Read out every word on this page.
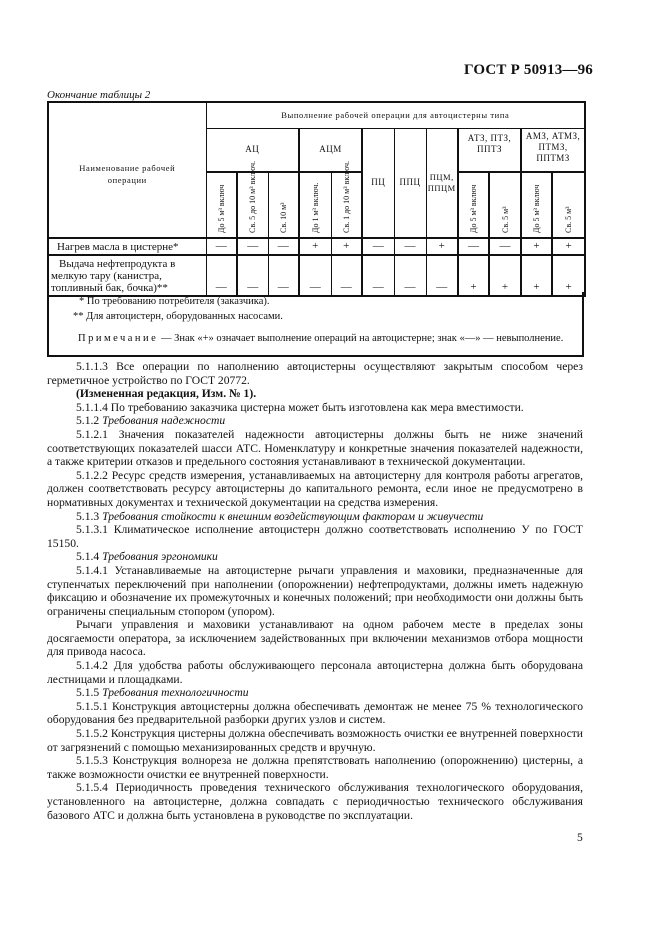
ГОСТ Р 50913—96
Окончание таблицы 2
Наименование рабочей операции	Выполнение рабочей операции для автоцистерны типа											
	АЦ			АЦМ		ПЦ	ППЦ	ПЦМ, ППЦМ	АТЗ, ПТЗ, ППТЗ		АМЗ, АТМЗ, ПТМЗ, ППТМЗ	
	До 5 м³ включ	Св. 5 до 10 м³ включ.	Св. 10 м³	До 1 м³ включ.	Св. 1 до 10 м³ включ.				До 5 м³ включ	Св. 5 м³	До 5 м³ включ	Св. 5 м³
Нагрев масла в цистерне*	—	—	—	+	+	—	—	+	—	—	+	+
Выдача нефтепродукта в мелкую тару (канистра, топливный бак, бочка)**	—	—	—	—	—	—	—	—	+	+	+	+
* По требованию потребителя (заказчика).
** Для автоцистерн, оборудованных насосами.
Примечание — Знак «+» означает выполнение операций на автоцистерне; знак «—» — невыполнение.

5.1.1.3 Все операции по наполнению автоцистерны осуществляют закрытым способом через герметичное устройство по ГОСТ 20772.

(Измененная редакция, Изм. № 1).

5.1.1.4 По требованию заказчика цистерна может быть изготовлена как мера вместимости.

5.1.2 Требования надежности

5.1.2.1 Значения показателей надежности автоцистерны должны быть не ниже значений соответствующих показателей шасси АТС. Номенклатуру и конкретные значения показателей надежности, а также критерии отказов и предельного состояния устанавливают в технической документации.

5.1.2.2 Ресурс средств измерения, устанавливаемых на автоцистерну для контроля работы агрегатов, должен соответствовать ресурсу автоцистерны до капитального ремонта, если иное не предусмотрено в нормативных документах и технической документации на средства измерения.

5.1.3 Требования стойкости к внешним воздействующим факторам и живучести

5.1.3.1 Климатическое исполнение автоцистерн должно соответствовать исполнению У по ГОСТ 15150.

5.1.4 Требования эргономики

5.1.4.1 Устанавливаемые на автоцистерне рычаги управления и маховики, предназначенные для ступенчатых переключений при наполнении (опорожнении) нефтепродуктами, должны иметь надежную фиксацию и обозначение их промежуточных и конечных положений; при необходимости они должны быть ограничены специальным стопором (упором).

Рычаги управления и маховики устанавливают на одном рабочем месте в пределах зоны досягаемости оператора, за исключением задействованных при включении механизмов отбора мощности для привода насоса.

5.1.4.2 Для удобства работы обслуживающего персонала автоцистерна должна быть оборудована лестницами и площадками.

5.1.5 Требования технологичности

5.1.5.1 Конструкция автоцистерны должна обеспечивать демонтаж не менее 75 % технологического оборудования без предварительной разборки других узлов и систем.

5.1.5.2 Конструкция цистерны должна обеспечивать возможность очистки ее внутренней поверхности от загрязнений с помощью механизированных средств и вручную.

5.1.5.3 Конструкция волнореза не должна препятствовать наполнению (опорожнению) цистерны, а также возможности очистки ее внутренней поверхности.

5.1.5.4 Периодичность проведения технического обслуживания технологического оборудования, установленного на автоцистерне, должна совпадать с периодичностью технического обслуживания базового АТС и должна быть установлена в руководстве по эксплуатации.

5
